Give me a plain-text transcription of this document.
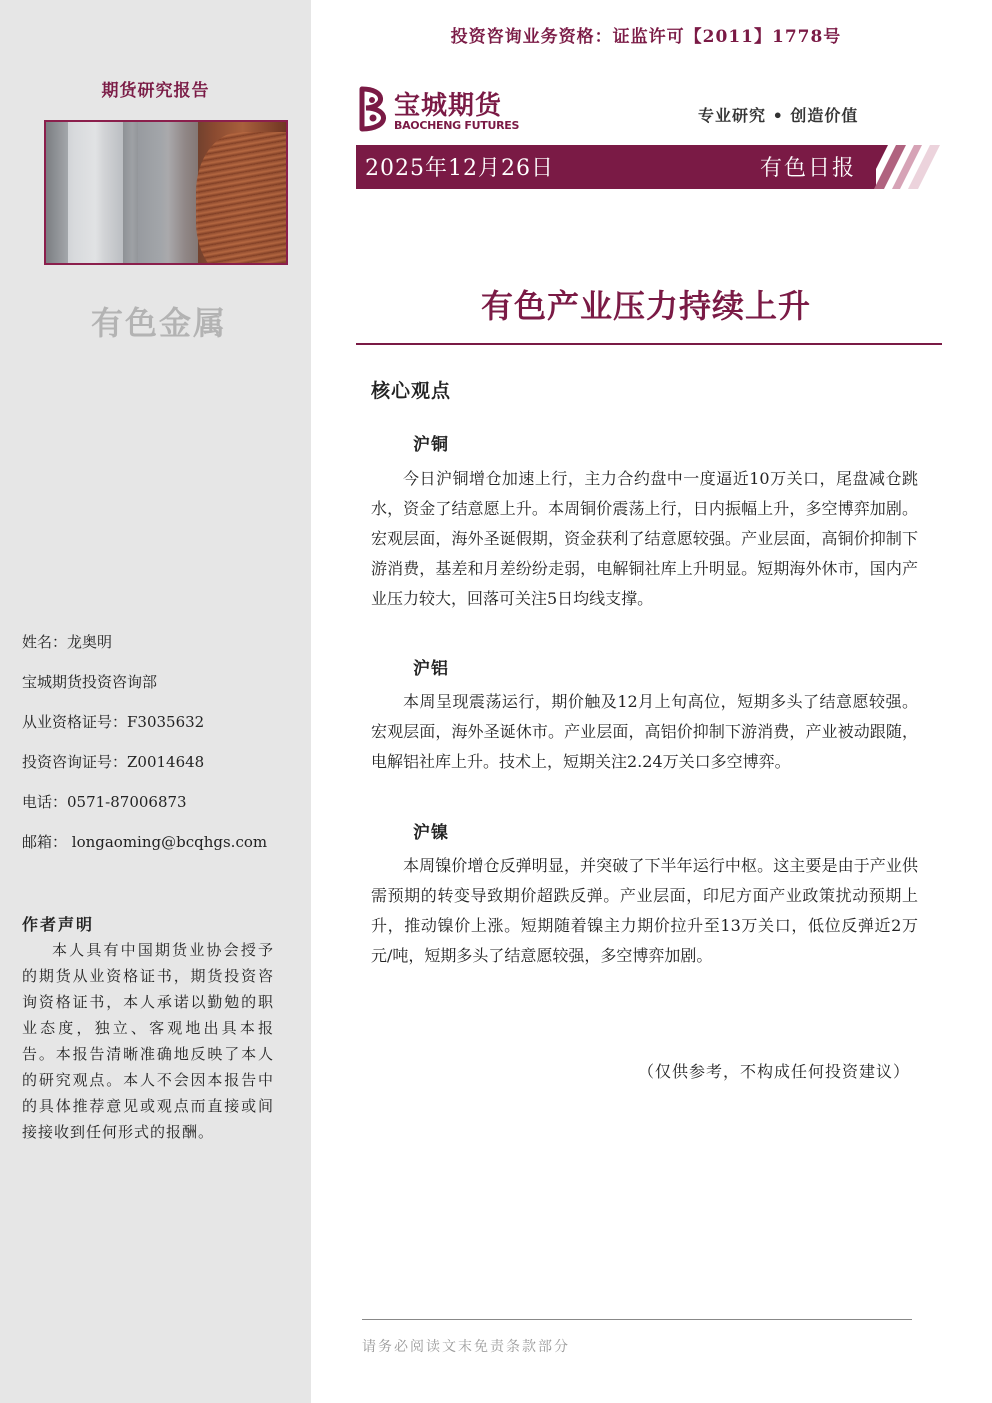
期货研究报告
有色金属
姓名：龙奥明
宝城期货投资咨询部
从业资格证号：F3035632
投资咨询证号：Z0014648
电话：0571-87006873
邮箱： longaoming@bcqhgs.com
作者声明
本人具有中国期货业协会授予的期货从业资格证书，期货投资咨询资格证书，本人承诺以勤勉的职业态度，独立、客观地出具本报告。本报告清晰准确地反映了本人的研究观点。本人不会因本报告中的具体推荐意见或观点而直接或间接接收到任何形式的报酬。
投资咨询业务资格：证监许可【2011】1778号
宝城期货
BAOCHENG FUTURES
专业研究 • 创造价值
2025年12月26日	有色日报
有色产业压力持续上升
核心观点
沪铜
今日沪铜增仓加速上行，主力合约盘中一度逼近10万关口，尾盘减仓跳水，资金了结意愿上升。本周铜价震荡上行，日内振幅上升，多空博弈加剧。宏观层面，海外圣诞假期，资金获利了结意愿较强。产业层面，高铜价抑制下游消费，基差和月差纷纷走弱，电解铜社库上升明显。短期海外休市，国内产业压力较大，回落可关注5日均线支撑。
沪铝
本周呈现震荡运行，期价触及12月上旬高位，短期多头了结意愿较强。宏观层面，海外圣诞休市。产业层面，高铝价抑制下游消费，产业被动跟随，电解铝社库上升。技术上，短期关注2.24万关口多空博弈。
沪镍
本周镍价增仓反弹明显，并突破了下半年运行中枢。这主要是由于产业供需预期的转变导致期价超跌反弹。产业层面，印尼方面产业政策扰动预期上升，推动镍价上涨。短期随着镍主力期价拉升至13万关口，低位反弹近2万元/吨，短期多头了结意愿较强，多空博弈加剧。
（仅供参考，不构成任何投资建议）
请务必阅读文末免责条款部分
